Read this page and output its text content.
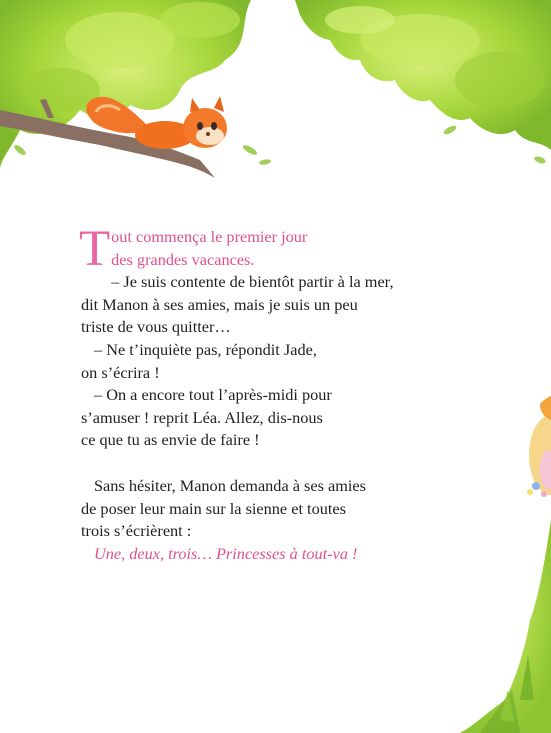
T out commença le premier jour
des grandes vacances.
– Je suis contente de bientôt partir à la mer,
dit Manon à ses amies, mais je suis un peu
triste de vous quitter…
– Ne t’inquiète pas, répondit Jade,
on s’écrira !
– On a encore tout l’après-midi pour
s’amuser ! reprit Léa. Allez, dis-nous
ce que tu as envie de faire !
Sans hésiter, Manon demanda à ses amies
de poser leur main sur la sienne et toutes
trois s’écrièrent :
Une, deux, trois… Princesses à tout-va !
